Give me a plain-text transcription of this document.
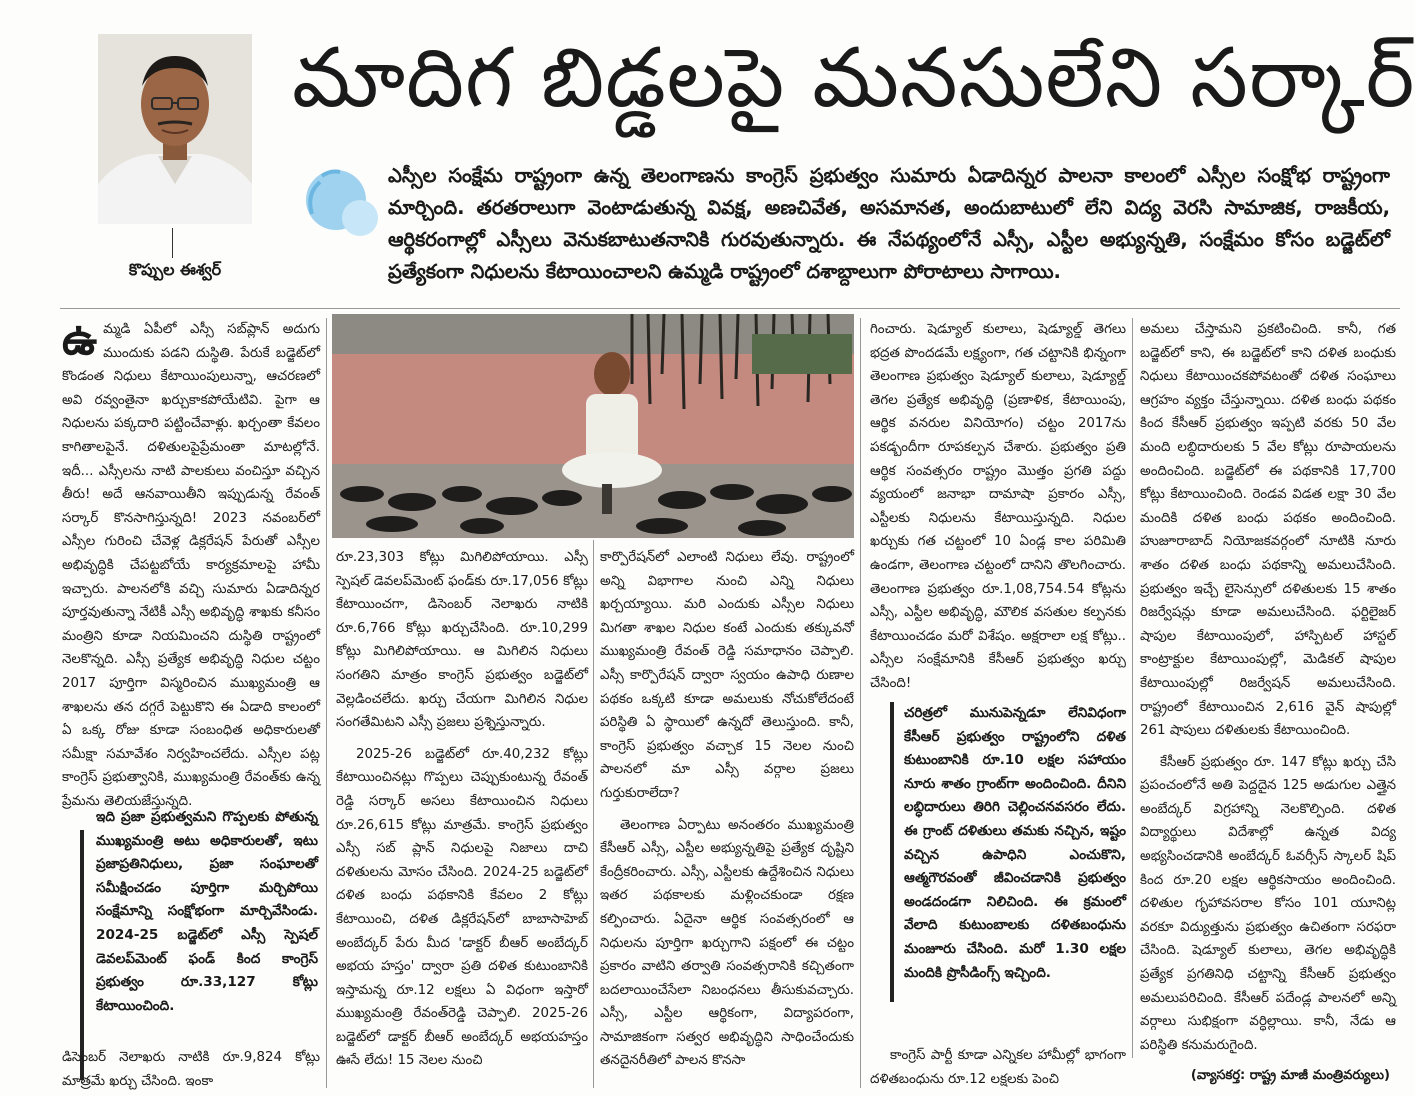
మాదిగ బిడ్డలపై మనసులేని సర్కార్
కొప్పుల ఈశ్వర్
ఎస్సీల సంక్షేమ రాష్ట్రంగా ఉన్న తెలంగాణను కాంగ్రెస్ ప్రభుత్వం సుమారు ఏడాదిన్నర పాలనా కాలంలో ఎస్సీల సంక్షోభ రాష్ట్రంగా మార్చింది. తరతరాలుగా వెంటాడుతున్న వివక్ష, అణచివేత, అసమానత, అందుబాటులో లేని విద్య వెరసి సామాజిక, రాజకీయ, ఆర్థికరంగాల్లో ఎస్సీలు వెనుకబాటుతనానికి గురవుతున్నారు. ఈ నేపథ్యంలోనే ఎస్సీ, ఎస్టీల అభ్యున్నతి, సంక్షేమం కోసం బడ్జెట్‌లో ప్రత్యేకంగా నిధులను కేటాయించాలని ఉమ్మడి రాష్ట్రంలో దశాబ్దాలుగా పోరాటాలు సాగాయి.

ఉమ్మడి ఏపీలో ఎస్సీ సబ్‌ప్లాన్ అదుగు ముందుకు పడని దుస్థితి. పేరుకే బడ్జెట్‌లో కొండంత నిధులు కేటాయింపులున్నా, ఆచరణలో అవి రవ్వంతైనా ఖర్చుకాకపోయేటివి. పైగా ఆ నిధులను పక్కదారి పట్టించేవాళ్లు. ఖర్చంతా కేవలం కాగితాలపైనే. దళితులపైప్రేమంతా మాటల్లోనే. ఇదీ... ఎస్సీలను నాటి పాలకులు వంచిస్తూ వచ్చిన తీరు! అదే ఆనవాయితీని ఇప్పుడున్న రేవంత్ సర్కార్ కొనసాగిస్తున్నది! 2023 నవంబర్‌లో ఎస్సీల గురించి చేవెళ్ల డిక్లరేషన్ పేరుతో ఎస్సీల అభివృద్ధికి చేపట్టబోయే కార్యక్రమాలపై హామీ ఇచ్చారు. పాలనలోకి వచ్చి సుమారు ఏడాదిన్నర పూర్తవుతున్నా నేటికీ ఎస్సీ అభివృద్ధి శాఖకు కనీసం మంత్రిని కూడా నియమించని దుస్థితి రాష్ట్రంలో నెలకొన్నది. ఎస్సీ ప్రత్యేక అభివృద్ధి నిధుల చట్టం 2017 పూర్తిగా విస్మరించిన ముఖ్యమంత్రి ఆ శాఖలను తన దగ్గరే పెట్టుకొని ఈ ఏడాది కాలంలో ఏ ఒక్క రోజు కూడా సంబంధిత అధికారులతో సమీక్షా సమావేశం నిర్వహించలేదు. ఎస్సీల పట్ల కాంగ్రెస్ ప్రభుత్వానికి, ముఖ్యమంత్రి రేవంత్‌కు ఉన్న ప్రేమను తెలియజేస్తున్నది.

ఇది ప్రజా ప్రభుత్వమని గొప్పలకు పోతున్న ముఖ్యమంత్రి అటు అధికారులతో, ఇటు ప్రజాప్రతినిధులు, ప్రజా సంఘాలతో సమీక్షించడం పూర్తిగా మర్చిపోయి సంక్షేమాన్ని సంక్షోభంగా మార్చివేసిండు. 2024-25 బడ్జెట్‌లో ఎస్సీ స్పెషల్ డెవలప్‌మెంట్ ఫండ్ కింద కాంగ్రెస్ ప్రభుత్వం రూ.33,127 కోట్లు కేటాయించింది.

డిసెంబర్ నెలాఖరు నాటికి రూ.9,824 కోట్లు మాత్రమే ఖర్చు చేసింది. ఇంకా

రూ.23,303 కోట్లు మిగిలిపోయాయి. ఎస్సీ స్పెషల్ డెవలప్‌మెంట్ ఫండ్‌కు రూ.17,056 కోట్లు కేటాయించగా, డిసెంబర్ నెలాఖరు నాటికి రూ.6,766 కోట్లు ఖర్చుచేసింది. రూ.10,299 కోట్లు మిగిలిపోయాయి. ఆ మిగిలిన నిధులు సంగతిని మాత్రం కాంగ్రెస్ ప్రభుత్వం బడ్జెట్‌లో వెల్లడించలేదు. ఖర్చు చేయగా మిగిలిన నిధుల సంగతేమిటని ఎస్సీ ప్రజలు ప్రశ్నిస్తున్నారు.

2025-26 బడ్జెట్‌లో రూ.40,232 కోట్లు కేటాయించినట్లు గొప్పలు చెప్పుకుంటున్న రేవంత్ రెడ్డి సర్కార్ అసలు కేటాయించిన నిధులు రూ.26,615 కోట్లు మాత్రమే. కాంగ్రెస్ ప్రభుత్వం ఎస్సీ సబ్ ప్లాన్ నిధులపై నిజాలు దాచి దళితులను మోసం చేసింది. 2024-25 బడ్జెట్‌లో దళిత బంధు పథకానికి కేవలం 2 కోట్లు కేటాయించి, దళిత డిక్లరేషన్‌లో బాబాసాహెబ్ అంబేద్కర్ పేరు మీద 'డాక్టర్ బీఆర్ అంబేద్కర్ అభయ హస్తం' ద్వారా ప్రతి దళిత కుటుంబానికి ఇస్తామన్న రూ.12 లక్షలు ఏ విధంగా ఇస్తారో ముఖ్యమంత్రి రేవంత్‌రెడ్డి చెప్పాలి. 2025-26 బడ్జెట్‌లో డాక్టర్ బీఆర్ అంబేద్కర్ అభయహస్తం ఊసే లేదు! 15 నెలల నుంచి

కార్పొరేషన్‌లో ఎలాంటి నిధులు లేవు. రాష్ట్రంలో అన్ని విభాగాల నుంచి ఎన్ని నిధులు ఖర్చయ్యాయి. మరి ఎందుకు ఎస్సీల నిధులు మిగతా శాఖల నిధుల కంటే ఎందుకు తక్కువనో ముఖ్యమంత్రి రేవంత్ రెడ్డి సమాధానం చెప్పాలి. ఎస్సీ కార్పొరేషన్ ద్వారా స్వయం ఉపాధి రుణాల పథకం ఒక్కటి కూడా అమలుకు నోచుకోలేదంటే పరిస్థితి ఏ స్థాయిలో ఉన్నదో తెలుస్తుంది. కానీ, కాంగ్రెస్ ప్రభుత్వం వచ్చాక 15 నెలల నుంచి పాలనలో మా ఎస్సీ వర్గాల ప్రజలు గుర్తుకురాలేదా?

తెలంగాణ ఏర్పాటు అనంతరం ముఖ్యమంత్రి కేసీఆర్ ఎస్సీ, ఎస్టీల అభ్యున్నతిపై ప్రత్యేక దృష్టిని కేంద్రీకరించారు. ఎస్సీ, ఎస్టీలకు ఉద్దేశించిన నిధులు ఇతర పథకాలకు మళ్లించకుండా రక్షణ కల్పించారు. ఏదైనా ఆర్థిక సంవత్సరంలో ఆ నిధులను పూర్తిగా ఖర్చుగాని పక్షంలో ఈ చట్టం ప్రకారం వాటిని తర్వాతి సంవత్సరానికి కచ్చితంగా బదలాయించేసేలా నిబంధనలు తీసుకువచ్చారు. ఎస్సీ, ఎస్టీల ఆర్థికంగా, విద్యాపరంగా, సామాజికంగా సత్వర అభివృద్ధిని సాధించేందుకు తనదైనరీతిలో పాలన కొనసా

గించారు. షెడ్యూల్ కులాలు, షెడ్యూల్డ్ తెగలు భద్రత పొందడమే లక్ష్యంగా, గత చట్టానికి భిన్నంగా తెలంగాణ ప్రభుత్వం షెడ్యూల్ కులాలు, షెడ్యూల్డ్ తెగల ప్రత్యేక అభివృద్ధి (ప్రణాళిక, కేటాయింపు, ఆర్థిక వనరుల వినియోగం) చట్టం 2017ను పకడ్బందీగా రూపకల్పన చేశారు. ప్రభుత్వం ప్రతి ఆర్థిక సంవత్సరం రాష్ట్రం మొత్తం ప్రగతి పద్దు వ్యయంలో జనాభా దామాషా ప్రకారం ఎస్సీ, ఎస్టీలకు నిధులను కేటాయిస్తున్నది. నిధుల ఖర్చుకు గత చట్టంలో 10 ఏండ్ల కాల పరిమితి ఉండగా, తెలంగాణ చట్టంలో దానిని తొలగించారు. తెలంగాణ ప్రభుత్వం రూ.1,08,754.54 కోట్లను ఎస్సీ, ఎస్టీల అభివృద్ధి, మౌలిక వసతుల కల్పనకు కేటాయించడం మరో విశేషం. అక్షరాలా లక్ష కోట్లు.. ఎస్సీల సంక్షేమానికి కేసీఆర్ ప్రభుత్వం ఖర్చు చేసింది!

చరిత్రలో మునుపెన్నడూ లేనివిధంగా కేసీఆర్ ప్రభుత్వం రాష్ట్రంలోని దళిత కుటుంబానికి రూ.10 లక్షల సహాయం నూరు శాతం గ్రాంట్‌గా అందించింది. దీనిని లబ్ధిదారులు తిరిగి చెల్లించనవసరం లేదు. ఈ గ్రాంట్ దళితులు తమకు నచ్చిన, ఇష్టం వచ్చిన ఉపాధిని ఎంచుకొని, ఆత్మగౌరవంతో జీవించడానికి ప్రభుత్వం అండదండగా నిలిచింది. ఈ క్రమంలో వేలాది కుటుంబాలకు దళితబంధును మంజూరు చేసింది. మరో 1.30 లక్షల మందికి ప్రొసీడింగ్స్ ఇచ్చింది.

కాంగ్రెస్ పార్టీ కూడా ఎన్నికల హామీల్లో భాగంగా దళితబంధును రూ.12 లక్షలకు పెంచి

అమలు చేస్తామని ప్రకటించింది. కానీ, గత బడ్జెట్‌లో కాని, ఈ బడ్జెట్‌లో కాని దళిత బంధుకు నిధులు కేటాయించకపోవటంతో దళిత సంఘాలు ఆగ్రహం వ్యక్తం చేస్తున్నాయి. దళిత బంధు పథకం కింద కేసీఆర్ ప్రభుత్వం ఇప్పటి వరకు 50 వేల మంది లబ్ధిదారులకు 5 వేల కోట్లు రూపాయలను అందించింది. బడ్జెట్‌లో ఈ పథకానికి 17,700 కోట్లు కేటాయించింది. రెండవ విడత లక్షా 30 వేల మందికి దళిత బంధు పథకం అందించింది. హుజూరాబాద్ నియోజకవర్గంలో నూటికి నూరు శాతం దళిత బంధు పథకాన్ని అమలుచేసింది. ప్రభుత్వం ఇచ్చే లైసెన్సులో దళితులకు 15 శాతం రిజర్వేషన్లు కూడా అమలుచేసింది. ఫర్టిలైజర్ షాపుల కేటాయింపులో, హాస్పిటల్ హాస్టల్ కాంట్రాక్టుల కేటాయింపుల్లో, మెడికల్ షాపుల కేటాయింపుల్లో రిజర్వేషన్ అమలుచేసింది. రాష్ట్రంలో కేటాయించిన 2,616 వైన్ షాపుల్లో 261 షాపులు దళితులకు కేటాయించింది.

కేసీఆర్ ప్రభుత్వం రూ. 147 కోట్లు ఖర్చు చేసి ప్రపంచంలోనే అతి పెద్దదైన 125 అడుగుల ఎత్తైన అంబేద్కర్ విగ్రహాన్ని నెలకొల్పింది. దళిత విద్యార్థులు విదేశాల్లో ఉన్నత విద్య అభ్యసించడానికి అంబేద్కర్ ఓవర్సీస్ స్కాలర్ షిప్ కింద రూ.20 లక్షల ఆర్థికసాయం అందించింది. దళితుల గృహావసరాల కోసం 101 యూనిట్ల వరకూ విద్యుత్తును ప్రభుత్వం ఉచితంగా సరఫరా చేసింది. షెడ్యూల్ కులాలు, తెగల అభివృద్ధికి ప్రత్యేక ప్రగతినిధి చట్టాన్ని కేసీఆర్ ప్రభుత్వం అమలుపరిచింది. కేసీఆర్ పదేండ్ల పాలనలో అన్ని వర్గాలు సుభిక్షంగా వర్ధిల్లాయి. కానీ, నేడు ఆ పరిస్థితి కనుమరుగైంది.

(వ్యాసకర్త: రాష్ట్ర మాజీ మంత్రివర్యులు)
